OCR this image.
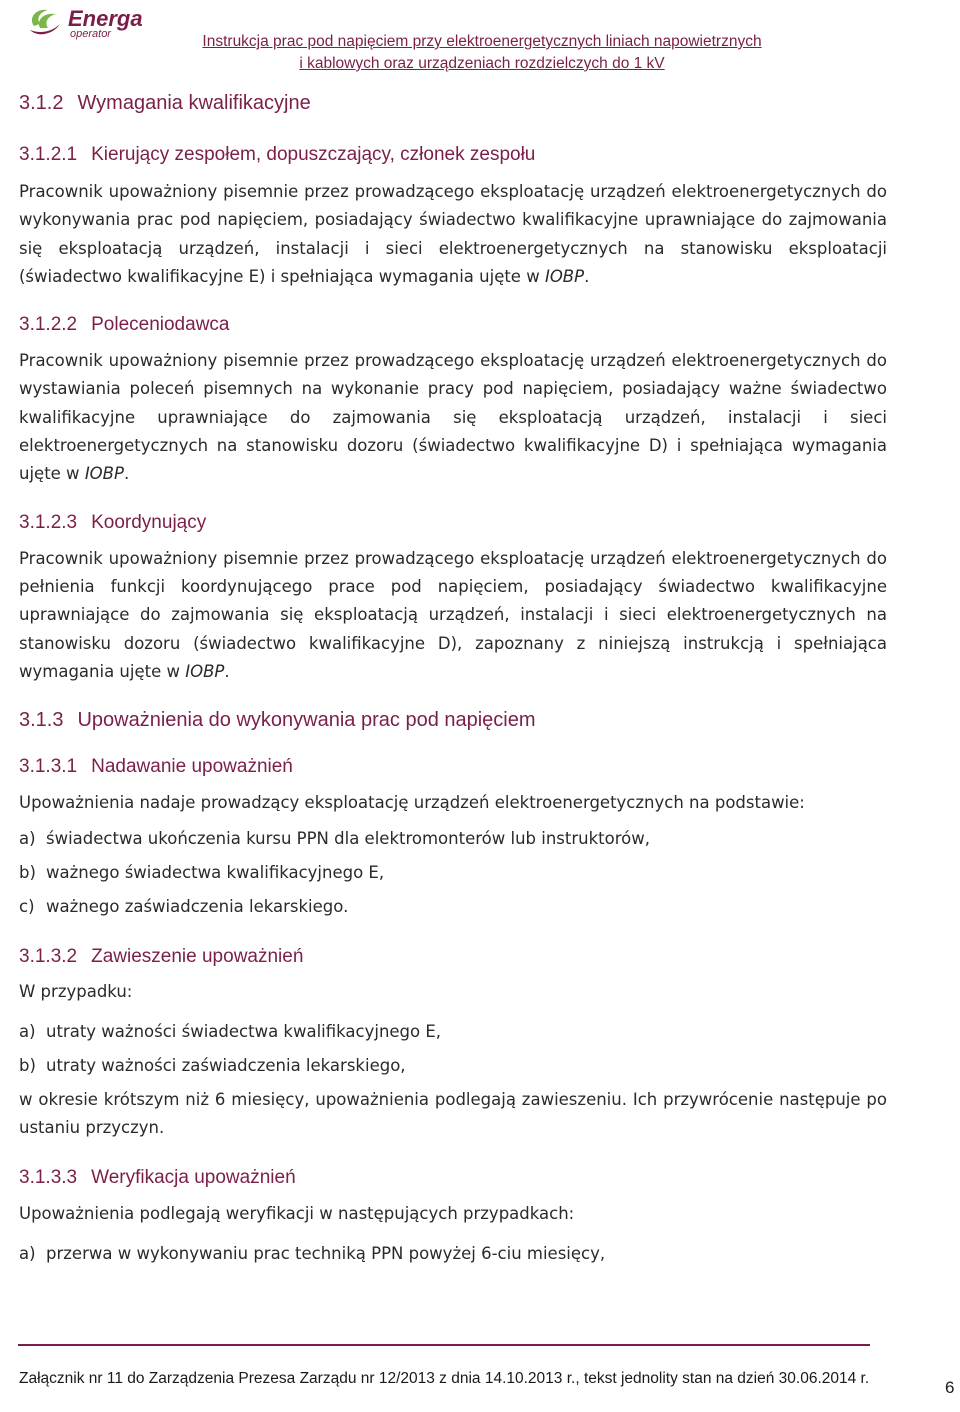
Energa
operator	Instrukcja prac pod napięciem przy elektroenergetycznych liniach napowietrznych
i kablowych oraz urządzeniach rozdzielczych do 1 kV
3.1.2 Wymagania kwalifikacyjne
3.1.2.1 Kierujący zespołem, dopuszczający, członek zespołu

Pracownik upoważniony pisemnie przez prowadzącego eksploatację urządzeń elektroenergetycznych do wykonywania prac pod napięciem, posiadający świadectwo kwalifikacyjne uprawniające do zajmowania się eksploatacją urządzeń, instalacji i sieci elektroenergetycznych na stanowisku eksploatacji (świadectwo kwalifikacyjne E) i spełniająca wymagania ujęte w IOBP.

3.1.2.2 Poleceniodawca

Pracownik upoważniony pisemnie przez prowadzącego eksploatację urządzeń elektroenergetycznych do wystawiania poleceń pisemnych na wykonanie pracy pod napięciem, posiadający ważne świadectwo kwalifikacyjne uprawniające do zajmowania się eksploatacją urządzeń, instalacji i sieci elektroenergetycznych na stanowisku dozoru (świadectwo kwalifikacyjne D) i spełniająca wymagania ujęte w IOBP.

3.1.2.3 Koordynujący

Pracownik upoważniony pisemnie przez prowadzącego eksploatację urządzeń elektroenergetycznych do pełnienia funkcji koordynującego prace pod napięciem, posiadający świadectwo kwalifikacyjne uprawniające do zajmowania się eksploatacją urządzeń, instalacji i sieci elektroenergetycznych na stanowisku dozoru (świadectwo kwalifikacyjne D), zapoznany z niniejszą instrukcją i spełniająca wymagania ujęte w IOBP.

3.1.3 Upoważnienia do wykonywania prac pod napięciem
3.1.3.1 Nadawanie upoważnień

Upoważnienia nadaje prowadzący eksploatację urządzeń elektroenergetycznych na podstawie:

a) świadectwa ukończenia kursu PPN dla elektromonterów lub instruktorów,

b) ważnego świadectwa kwalifikacyjnego E,

c) ważnego zaświadczenia lekarskiego.

3.1.3.2 Zawieszenie upoważnień

W przypadku:

a) utraty ważności świadectwa kwalifikacyjnego E,

b) utraty ważności zaświadczenia lekarskiego,

w okresie krótszym niż 6 miesięcy, upoważnienia podlegają zawieszeniu. Ich przywrócenie następuje po ustaniu przyczyn.

3.1.3.3 Weryfikacja upoważnień

Upoważnienia podlegają weryfikacji w następujących przypadkach:

a) przerwa w wykonywaniu prac techniką PPN powyżej 6-ciu miesięcy,

Załącznik nr 11 do Zarządzenia Prezesa Zarządu nr 12/2013 z dnia 14.10.2013 r., tekst jednolity stan na dzień 30.06.2014 r.	6
